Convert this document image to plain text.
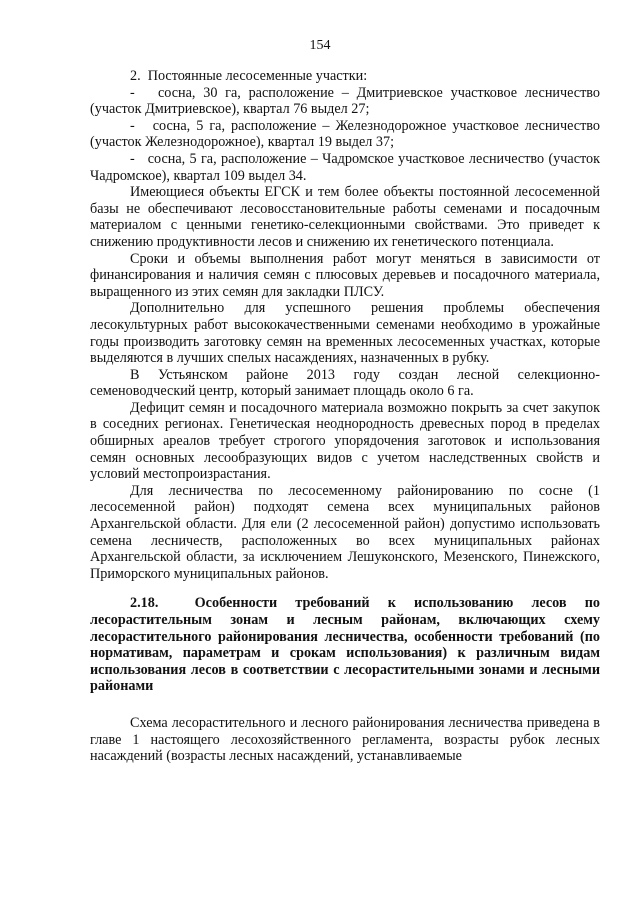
154

2.  Постоянные лесосеменные участки:

-   сосна, 30 га, расположение – Дмитриевское участковое лесничество (участок Дмитриевское), квартал 76 выдел 27;

-   сосна, 5 га, расположение – Железнодорожное участковое лесничество (участок Железнодорожное), квартал 19 выдел 37;

-   сосна, 5 га, расположение – Чадромское участковое лесничество (участок Чадромское), квартал 109 выдел 34.

Имеющиеся объекты ЕГСК и тем более объекты постоянной лесосеменной базы не обеспечивают лесовосстановительные работы семенами и посадочным материалом с ценными генетико-селекционными свойствами. Это приведет к снижению продуктивности лесов и снижению их генетического потенциала.

Сроки и объемы выполнения работ могут меняться в зависимости от финансирования и наличия семян с плюсовых деревьев и посадочного материала, выращенного из этих семян для закладки ПЛСУ.

Дополнительно для успешного решения проблемы обеспечения лесокультурных работ высококачественными семенами необходимо в урожайные годы производить заготовку семян на временных лесосеменных участках, которые выделяются в лучших спелых насаждениях, назначенных в рубку.

В Устьянском районе 2013 году создан лесной селекционно-семеноводческий центр, который занимает площадь около 6 га.

Дефицит семян и посадочного материала возможно покрыть за счет закупок в соседних регионах. Генетическая неоднородность древесных пород в пределах обширных ареалов требует строгого упорядочения заготовок и использования семян основных лесообразующих видов с учетом наследственных свойств и условий местопроизрастания.

Для лесничества по лесосеменному районированию по сосне (1 лесосеменной район) подходят семена всех муниципальных районов Архангельской области. Для ели (2 лесосеменной район) допустимо использовать семена лесничеств, расположенных во всех муниципальных районах Архангельской области, за исключением Лешуконского, Мезенского, Пинежского, Приморского муниципальных районов.

2.18.  Особенности требований к использованию лесов по лесорастительным зонам и лесным районам, включающих схему лесорастительного районирования лесничества, особенности требований (по нормативам, параметрам и срокам использования) к различным видам использования лесов в соответствии с лесорастительными зонами и лесными районами

Схема лесорастительного и лесного районирования лесничества приведена в главе 1 настоящего лесохозяйственного регламента, возрасты рубок лесных насаждений (возрасты лесных насаждений, устанавливаемые
